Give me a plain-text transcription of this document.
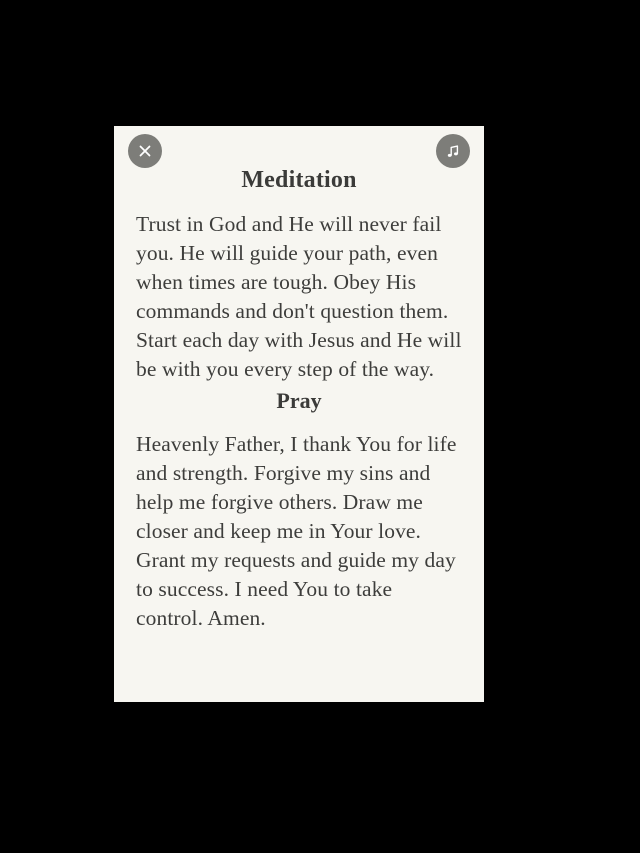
Meditation

Trust in God and He will never fail you. He will guide your path, even when times are tough. Obey His commands and don't question them. Start each day with Jesus and He will be with you every step of the way.

Pray

Heavenly Father, I thank You for life and strength. Forgive my sins and help me forgive others. Draw me closer and keep me in Your love. Grant my requests and guide my day to success. I need You to take control. Amen.
